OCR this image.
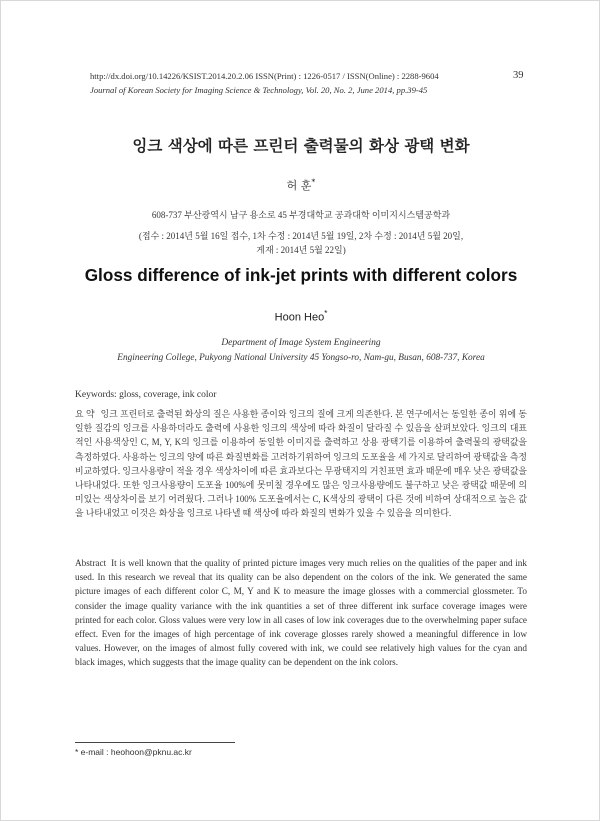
http://dx.doi.org/10.14226/KSIST.2014.20.2.06 ISSN(Print) : 1226-0517 / ISSN(Online) : 2288-9604
Journal of Korean Society for Imaging Science & Technology, Vol. 20, No. 2, June 2014, pp.39-45
39
잉크 색상에 따른 프린터 출력물의 화상 광택 변화
허 훈*
608-737 부산광역시 남구 용소로 45 부경대학교 공과대학 이미지시스템공학과
(접수 : 2014년 5월 16일 접수, 1차 수정 : 2014년 5월 19일, 2차 수정 : 2014년 5월 20일,
게재 : 2014년 5월 22일)
Gloss difference of ink-jet prints with different colors
Hoon Heo*
Department of Image System Engineering
Engineering College, Pukyong National University 45 Yongso-ro, Nam-gu, Busan, 608-737, Korea
Keywords: gloss, coverage, ink color
요 약 잉크 프린터로 출력된 화상의 질은 사용한 종이와 잉크의 질에 크게 의존한다. 본 연구에서는 동일한 종이 위에 동일한 질감의 잉크를 사용하더라도 출력에 사용한 잉크의 색상에 따라 화질이 달라질 수 있음을 살펴보았다. 잉크의 대표적인 사용색상인 C, M, Y, K의 잉크를 이용하여 동일한 이미지를 출력하고 상용 광택기를 이용하여 출력물의 광택값을 측정하였다. 사용하는 잉크의 양에 따른 화질변화를 고려하기위하여 잉크의 도포율을 세 가지로 달리하여 광택값을 측정 비교하였다. 잉크사용량이 적을 경우 색상차이에 따른 효과보다는 무광택지의 거친표면 효과 때문에 매우 낮은 광택값을 나타내었다. 또한 잉크사용량이 도포율 100%에 못미칠 경우에도 많은 잉크사용량에도 불구하고 낮은 광택값 때문에 의미있는 색상차이를 보기 어려웠다. 그러나 100% 도포율에서는 C, K색상의 광택이 다른 것에 비하여 상대적으로 높은 값을 나타내었고 이것은 화상을 잉크로 나타낼 때 색상에 따라 화질의 변화가 있을 수 있음을 의미한다.
Abstract It is well known that the quality of printed picture images very much relies on the qualities of the paper and ink used. In this research we reveal that its quality can be also dependent on the colors of the ink. We generated the same picture images of each different color C, M, Y and K to measure the image glosses with a commercial glossmeter. To consider the image quality variance with the ink quantities a set of three different ink surface coverage images were printed for each color. Gloss values were very low in all cases of low ink coverages due to the overwhelming paper suface effect. Even for the images of high percentage of ink coverage glosses rarely showed a meaningful difference in low values. However, on the images of almost fully covered with ink, we could see relatively high values for the cyan and black images, which suggests that the image quality can be dependent on the ink colors.
* e-mail : heohoon@pknu.ac.kr
